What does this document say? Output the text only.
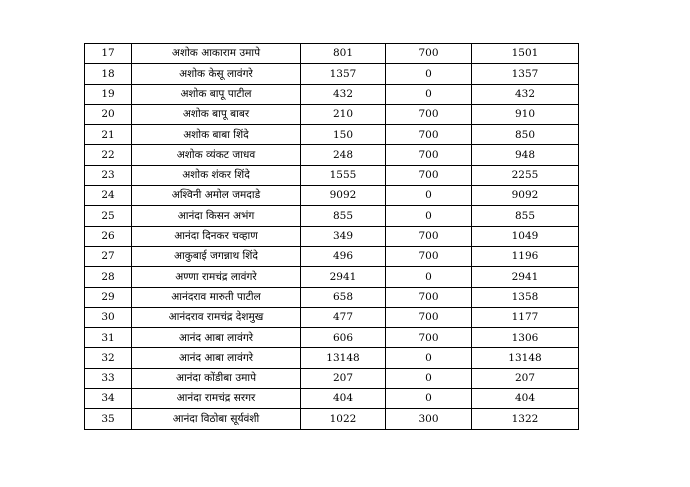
17	अशोक आकाराम उमापे	801	700	1501
18	अशोक केसू लावंगरे	1357	0	1357
19	अशोक बापू पाटील	432	0	432
20	अशोक बापू बाबर	210	700	910
21	अशोक बाबा शिंदे	150	700	850
22	अशोक व्यंकट जाधव	248	700	948
23	अशोक शंकर शिंदे	1555	700	2255
24	अश्विनी अमोल जमदाडे	9092	0	9092
25	आनंदा किसन अभंग	855	0	855
26	आनंदा दिनकर चव्हाण	349	700	1049
27	आकुबाई जगन्नाथ शिंदे	496	700	1196
28	अण्णा रामचंद्र लावंगरे	2941	0	2941
29	आनंदराव मारुती पाटील	658	700	1358
30	आनंदराव रामचंद्र देशमुख	477	700	1177
31	आनंद आबा लावंगरे	606	700	1306
32	आनंद आबा लावंगरे	13148	0	13148
33	आनंदा कोंडीबा उमापे	207	0	207
34	आनंदा रामचंद्र सरगर	404	0	404
35	आनंदा विठोबा सूर्यवंशी	1022	300	1322
